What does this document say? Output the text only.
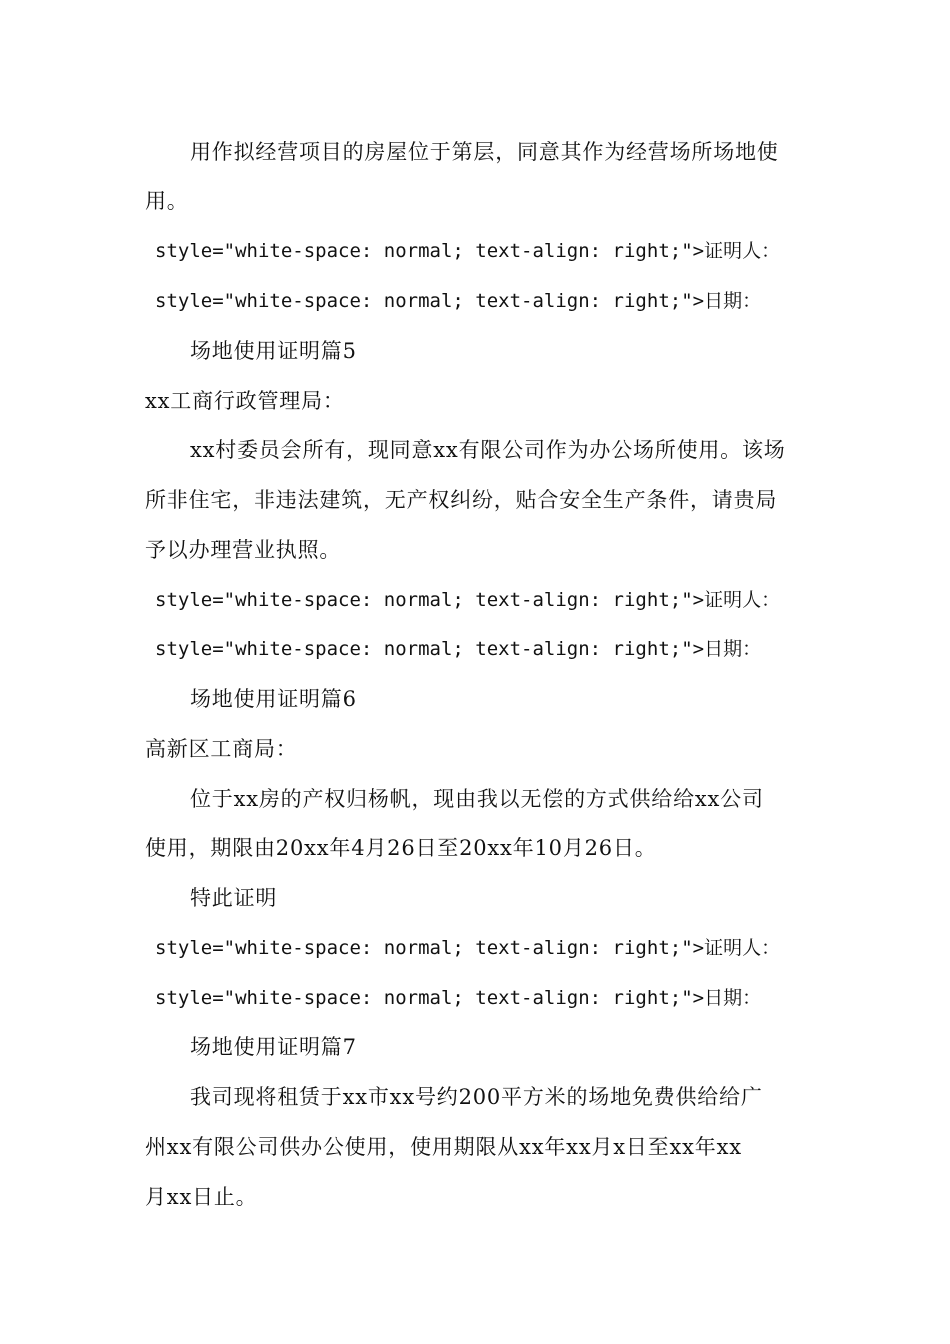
用作拟经营项目的房屋位于第层，同意其作为经营场所场地使
用。
style="white-space: normal; text-align: right;">证明人：
style="white-space: normal; text-align: right;">日期：
场地使用证明篇5
xx工商行政管理局：
xx村委员会所有，现同意xx有限公司作为办公场所使用。该场
所非住宅，非违法建筑，无产权纠纷，贴合安全生产条件，请贵局
予以办理营业执照。
style="white-space: normal; text-align: right;">证明人：
style="white-space: normal; text-align: right;">日期：
场地使用证明篇6
高新区工商局：
位于xx房的产权归杨帆，现由我以无偿的方式供给给xx公司
使用，期限由20xx年4月26日至20xx年10月26日。
特此证明
style="white-space: normal; text-align: right;">证明人：
style="white-space: normal; text-align: right;">日期：
场地使用证明篇7
我司现将租赁于xx市xx号约200平方米的场地免费供给给广
州xx有限公司供办公使用，使用期限从xx年xx月x日至xx年xx
月xx日止。
